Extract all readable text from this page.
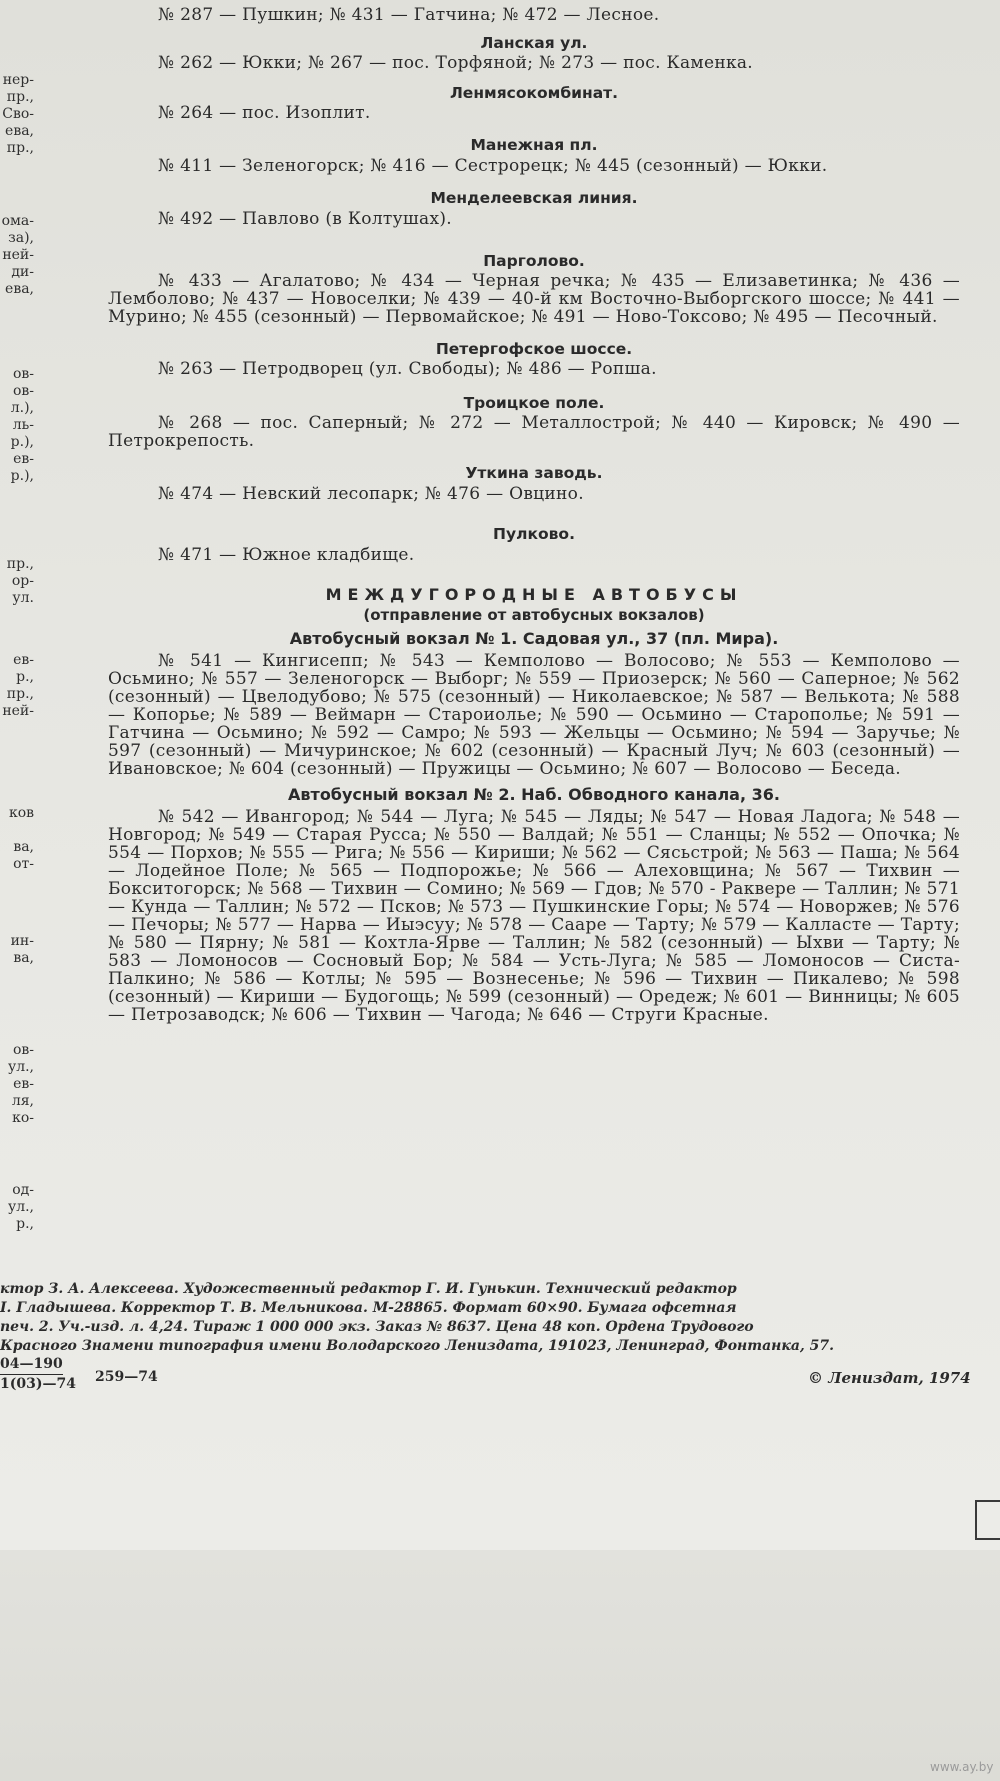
нер-
пр.,
Сво-
ева,
пр.,
ома-
за),
ней-
ди-
ева,
ов-
ов-
л.),
ль-
р.),
ев-
р.),
пр.,
ор-
ул.
ев-
р.,
пр.,
ней-
ков
ва,
от-
ин-
ва,
ов-
ул.,
ев-
ля,
ко-
од-
ул.,
р.,

№ 287 — Пушкин; № 431 — Гатчина; № 472 — Лесное.

Ланская ул.

№ 262 — Юкки; № 267 — пос. Торфяной; № 273 — пос. Каменка.

Ленмясокомбинат.

№ 264 — пос. Изоплит.

Манежная пл.

№ 411 — Зеленогорск; № 416 — Сестрорецк; № 445 (сезонный) — Юкки.

Менделеевская линия.

№ 492 — Павлово (в Колтушах).

Парголово.

№ 433 — Агалатово; № 434 — Черная речка; № 435 — Елизаветинка; № 436 — Лемболово; № 437 — Новоселки; № 439 — 40-й км Восточно-Выборгского шоссе; № 441 — Мурино; № 455 (сезонный) — Первомайское; № 491 — Ново-Токсово; № 495 — Песочный.

Петергофское шоссе.

№ 263 — Петродворец (ул. Свободы); № 486 — Ропша.

Троицкое поле.

№ 268 — пос. Саперный; № 272 — Металлострой; № 440 — Кировск; № 490 — Петрокрепость.

Уткина заводь.

№ 474 — Невский лесопарк; № 476 — Овцино.

Пулково.

№ 471 — Южное кладбище.

МЕЖДУГОРОДНЫЕ АВТОБУСЫ

(отправление от автобусных вокзалов)

Автобусный вокзал № 1. Садовая ул., 37 (пл. Мира).

№ 541 — Кингисепп; № 543 — Кемполово — Волосово; № 553 — Кемполово — Осьмино; № 557 — Зеленогорск — Выборг; № 559 — Приозерск; № 560 — Саперное; № 562 (сезонный) — Цвелодубово; № 575 (сезонный) — Николаевское; № 587 — Велькота; № 588 — Копорье; № 589 — Веймарн — Староиолье; № 590 — Осьмино — Старополье; № 591 — Гатчина — Осьмино; № 592 — Самро; № 593 — Жельцы — Осьмино; № 594 — Заручье; № 597 (сезонный) — Мичуринское; № 602 (сезонный) — Красный Луч; № 603 (сезонный) — Ивановское; № 604 (сезонный) — Пружицы — Осьмино; № 607 — Волосово — Беседа.

Автобусный вокзал № 2. Наб. Обводного канала, 36.

№ 542 — Ивангород; № 544 — Луга; № 545 — Ляды; № 547 — Новая Ладога; № 548 — Новгород; № 549 — Старая Русса; № 550 — Валдай; № 551 — Сланцы; № 552 — Опочка; № 554 — Порхов; № 555 — Рига; № 556 — Кириши; № 562 — Сясьстрой; № 563 — Паша; № 564 — Лодейное Поле; № 565 — Подпорожье; № 566 — Алеховщина; № 567 — Тихвин — Бокситогорск; № 568 — Тихвин — Сомино; № 569 — Гдов; № 570 - Раквере — Таллин; № 571 — Кунда — Таллин; № 572 — Псков; № 573 — Пушкинские Горы; № 574 — Новоржев; № 576 — Печоры; № 577 — Нарва — Иыэсуу; № 578 — Сааре — Тарту; № 579 — Калласте — Тарту; № 580 — Пярну; № 581 — Кохтла-Ярве — Таллин; № 582 (сезонный) — Ыхви — Тарту; № 583 — Ломоносов — Сосновый Бор; № 584 — Усть-Луга; № 585 — Ломоносов — Систа-Палкино; № 586 — Котлы; № 595 — Вознесенье; № 596 — Тихвин — Пикалево; № 598 (сезонный) — Кириши — Будогощь; № 599 (сезонный) — Оредеж; № 601 — Винницы; № 605 — Петрозаводск; № 606 — Тихвин — Чагода; № 646 — Струги Красные.

ктор З. А. Алексеева. Художественный редактор Г. И. Гунькин. Технический редактор
I. Гладышева. Корректор Т. В. Мельникова. М-28865. Формат 60×90. Бумага офсетная
печ. 2. Уч.-изд. л. 4,24. Тираж 1 000 000 экз. Заказ № 8637. Цена 48 коп. Ордена Трудового
Красного Знамени типография имени Володарского Лениздата, 191023, Ленинград, Фонтанка, 57.
$\frac{04—190}{1(03)—74}$ 259—74	© Лениздат, 1974
www.ay.by
